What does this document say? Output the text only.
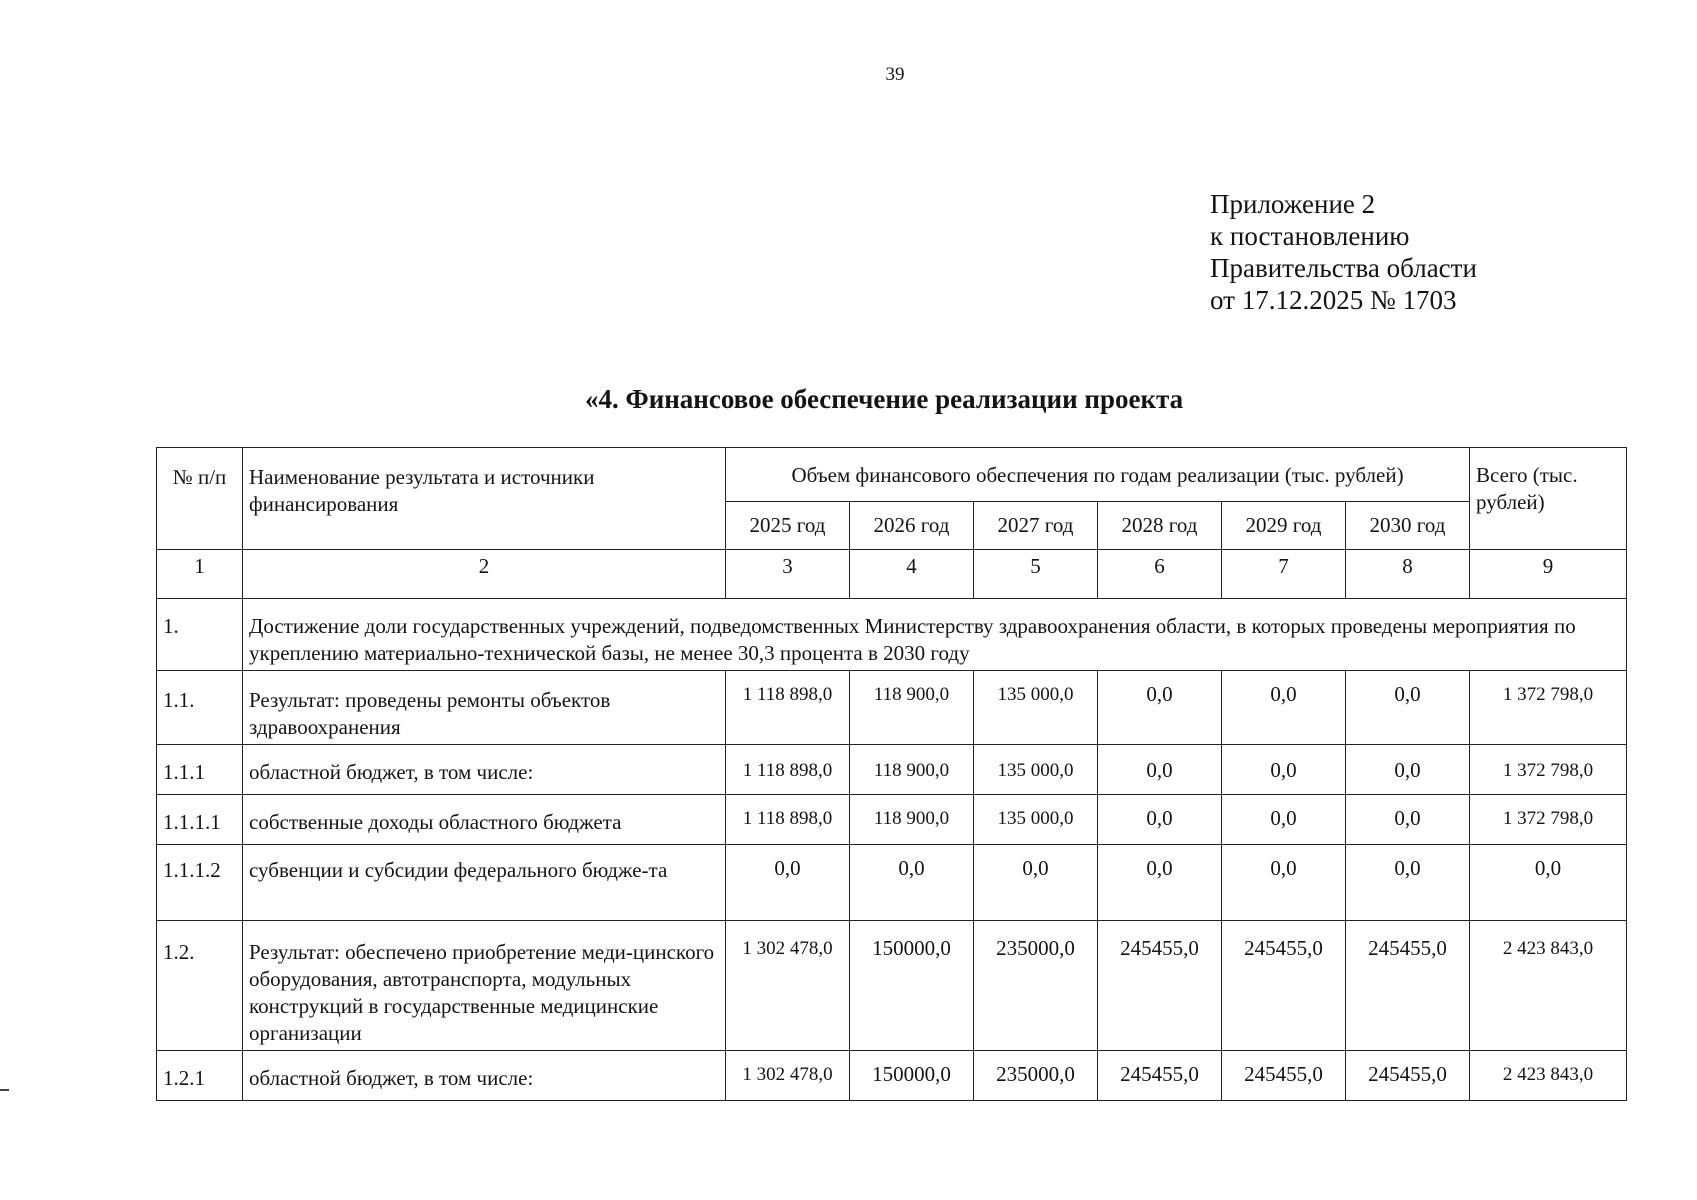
39
Приложение 2
к постановлению
Правительства области
от 17.12.2025 № 1703
«4. Финансовое обеспечение реализации проекта
№ п/п	Наименование результата и источники финансирования	Объем финансового обеспечения по годам реализации (тыс. рублей)						Всего (тыс. рублей)
		2025 год	2026 год	2027 год	2028 год	2029 год	2030 год	
1	2	3	4	5	6	7	8	9
1.	Достижение доли государственных учреждений, подведомственных Министерству здравоохранения области, в которых проведены мероприятия по укреплению материально-технической базы, не менее 30,3 процента в 2030 году							
1.1.	Результат: проведены ремонты объектов здравоохранения	1 118 898,0	118 900,0	135 000,0	0,0	0,0	0,0	1 372 798,0
1.1.1	областной бюджет, в том числе:	1 118 898,0	118 900,0	135 000,0	0,0	0,0	0,0	1 372 798,0
1.1.1.1	собственные доходы областного бюджета	1 118 898,0	118 900,0	135 000,0	0,0	0,0	0,0	1 372 798,0
1.1.1.2	субвенции и субсидии федерального бюдже-та	0,0	0,0	0,0	0,0	0,0	0,0	0,0
1.2.	Результат: обеспечено приобретение меди-цинского оборудования, автотранспорта, модульных конструкций в государственные медицинские организации	1 302 478,0	150000,0	235000,0	245455,0	245455,0	245455,0	2 423 843,0
1.2.1	областной бюджет, в том числе:	1 302 478,0	150000,0	235000,0	245455,0	245455,0	245455,0	2 423 843,0
